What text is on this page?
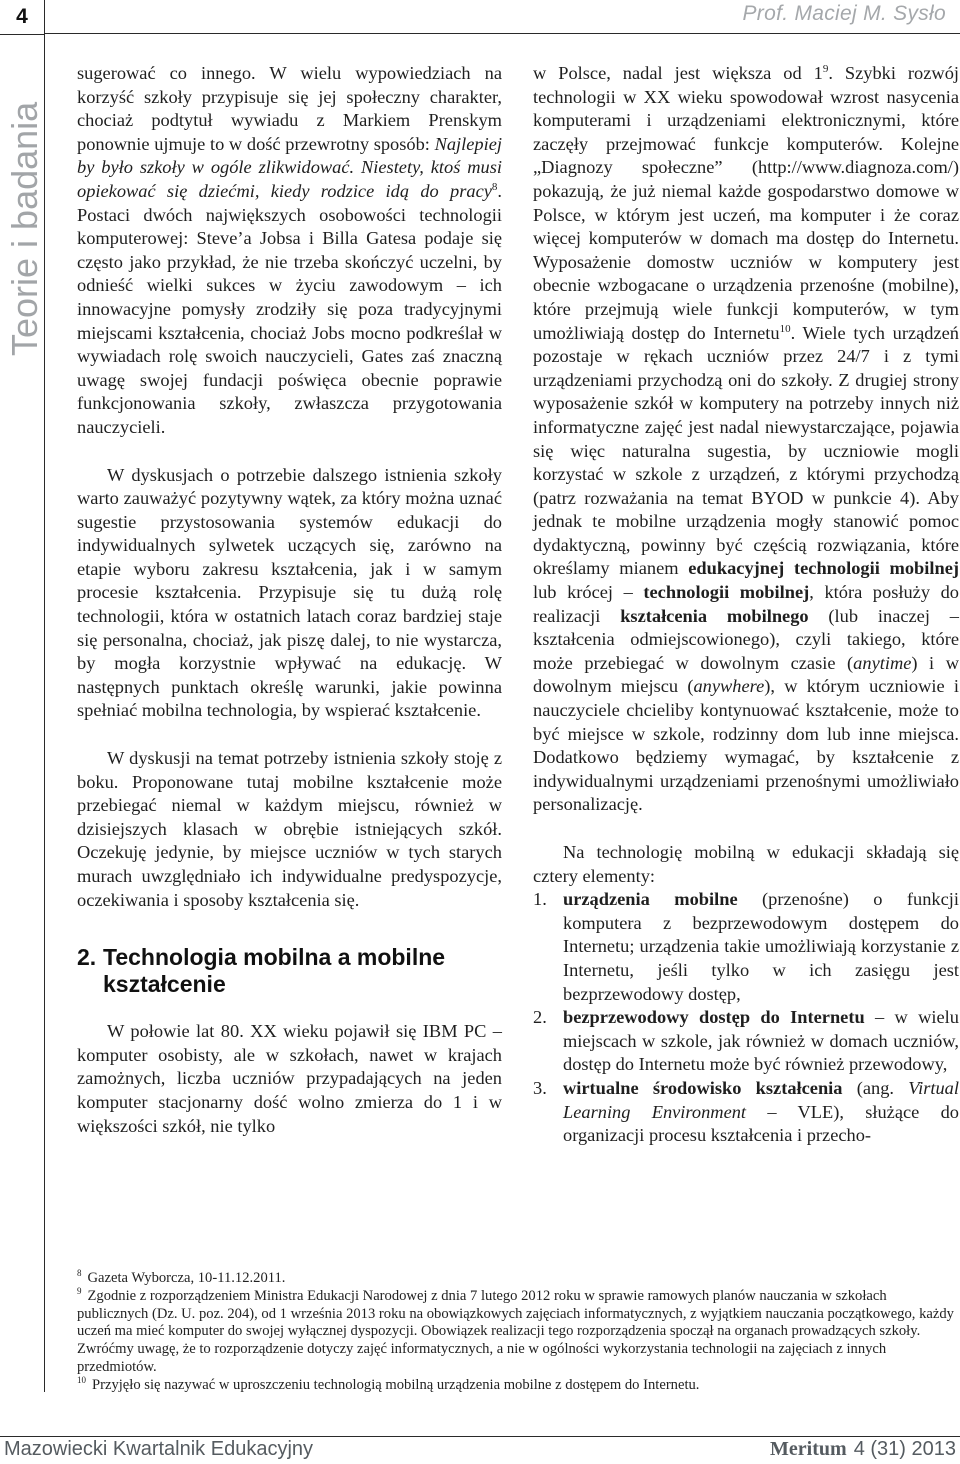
4	Prof. Maciej M. Sysło
Teorie i badania

sugerować co innego. W wielu wypowiedziach na korzyść szkoły przypisuje się jej społeczny charakter, chociaż podtytuł wywiadu z Markiem Prenskym ponownie ujmuje to w dość przewrotny sposób: Najlepiej by było szkoły w ogóle zlikwidować. Niestety, ktoś musi opiekować się dziećmi, kiedy rodzice idą do pracy$^8$. Postaci dwóch największych osobowości technologii komputerowej: Steve’a Jobsa i Billa Gatesa podaje się często jako przykład, że nie trzeba skończyć uczelni, by odnieść wielki sukces w życiu zawodowym – ich innowacyjne pomysły zrodziły się poza tradycyjnymi miejscami kształcenia, chociaż Jobs mocno podkreślał w wywiadach rolę swoich nauczycieli, Gates zaś znaczną uwagę swojej fundacji poświęca obecnie poprawie funkcjonowania szkoły, zwłaszcza przygotowania nauczycieli.

W dyskusjach o potrzebie dalszego istnienia szkoły warto zauważyć pozytywny wątek, za który można uznać sugestie przystosowania systemów edukacji do indywidualnych sylwetek uczących się, zarówno na etapie wyboru zakresu kształcenia, jak i w samym procesie kształcenia. Przypisuje się tu dużą rolę technologii, która w ostatnich latach coraz bardziej staje się personalna, chociaż, jak piszę dalej, to nie wystarcza, by mogła korzystnie wpływać na edukację. W następnych punktach określę warunki, jakie powinna spełniać mobilna technologia, by wspierać kształcenie.

W dyskusji na temat potrzeby istnienia szkoły stoję z boku. Proponowane tutaj mobilne kształcenie może przebiegać niemal w każdym miejscu, również w dzisiejszych klasach w obrębie istniejących szkół. Oczekuję jedynie, by miejsce uczniów w tych starych murach uwzględniało ich indywidualne predyspozycje, oczekiwania i sposoby kształcenia się.

2. Technologia mobilna a mobilne kształcenie

W połowie lat 80. XX wieku pojawił się IBM PC – komputer osobisty, ale w szkołach, nawet w krajach zamożnych, liczba uczniów przypadających na jeden komputer stacjonarny dość wolno zmierza do 1 i w większości szkół, nie tylko

w Polsce, nadal jest większa od $1^9$. Szybki rozwój technologii w XX wieku spowodował wzrost nasycenia komputerami i urządzeniami elektronicznymi, które zaczęły przejmować funkcje komputerów. Kolejne „Diagnozy społeczne” (http://www.diagnoza.com/) pokazują, że już niemal każde gospodarstwo domowe w Polsce, w którym jest uczeń, ma komputer i że coraz więcej komputerów w domach ma dostęp do Internetu. Wyposażenie domostw uczniów w komputery jest obecnie wzbogacane o urządzenia przenośne (mobilne), które przejmują wiele funkcji komputerów, w tym umożliwiają dostęp do Internetu$^{10}$. Wiele tych urządzeń pozostaje w rękach uczniów przez 24/7 i z tymi urządzeniami przychodzą oni do szkoły. Z drugiej strony wyposażenie szkół w komputery na potrzeby innych niż informatyczne zajęć jest nadal niewystarczające, pojawia się więc naturalna sugestia, by uczniowie mogli korzystać w szkole z urządzeń, z którymi przychodzą (patrz rozważania na temat BYOD w punkcie 4). Aby jednak te mobilne urządzenia mogły stanowić pomoc dydaktyczną, powinny być częścią rozwiązania, które określamy mianem edukacyjnej technologii mobilnej lub krócej – technologii mobilnej, która posłuży do realizacji kształcenia mobilnego (lub inaczej – kształcenia odmiejscowionego), czyli takiego, które może przebiegać w dowolnym czasie (anytime) i w dowolnym miejscu (anywhere), w którym uczniowie i nauczyciele chcieliby kontynuować kształcenie, może to być miejsce w szkole, rodzinny dom lub inne miejsca. Dodatkowo będziemy wymagać, by kształcenie z indywidualnymi urządzeniami przenośnymi umożliwiało personalizację.

Na technologię mobilną w edukacji składają się cztery elementy:

1. urządzenia mobilne (przenośne) o funkcji komputera z bezprzewodowym dostępem do Internetu; urządzenia takie umożliwiają korzystanie z Internetu, jeśli tylko w ich zasięgu jest bezprzewodowy dostęp,
2. bezprzewodowy dostęp do Internetu – w wielu miejscach w szkole, jak również w domach uczniów, dostęp do Internetu może być również przewodowy,
3. wirtualne środowisko kształcenia (ang. Virtual Learning Environment – VLE), służące do organizacji procesu kształcenia i przecho-

$^8$ Gazeta Wyborcza, 10-11.12.2011.

$^9$ Zgodnie z rozporządzeniem Ministra Edukacji Narodowej z dnia 7 lutego 2012 roku w sprawie ramowych planów nauczania w szkołach publicznych (Dz. U. poz. 204), od 1 września 2013 roku na obowiązkowych zajęciach informatycznych, z wyjątkiem nauczania początkowego, każdy uczeń ma mieć komputer do swojej wyłącznej dyspozycji. Obowiązek realizacji tego rozporządzenia spoczął na organach prowadzących szkoły. Zwróćmy uwagę, że to rozporządzenie dotyczy zajęć informatycznych, a nie w ogólności wykorzystania technologii na zajęciach z innych przedmiotów.

$^{10}$ Przyjęło się nazywać w uproszczeniu technologią mobilną urządzenia mobilne z dostępem do Internetu.

Mazowiecki Kwartalnik Edukacyjny	Meritum 4 (31) 2013
